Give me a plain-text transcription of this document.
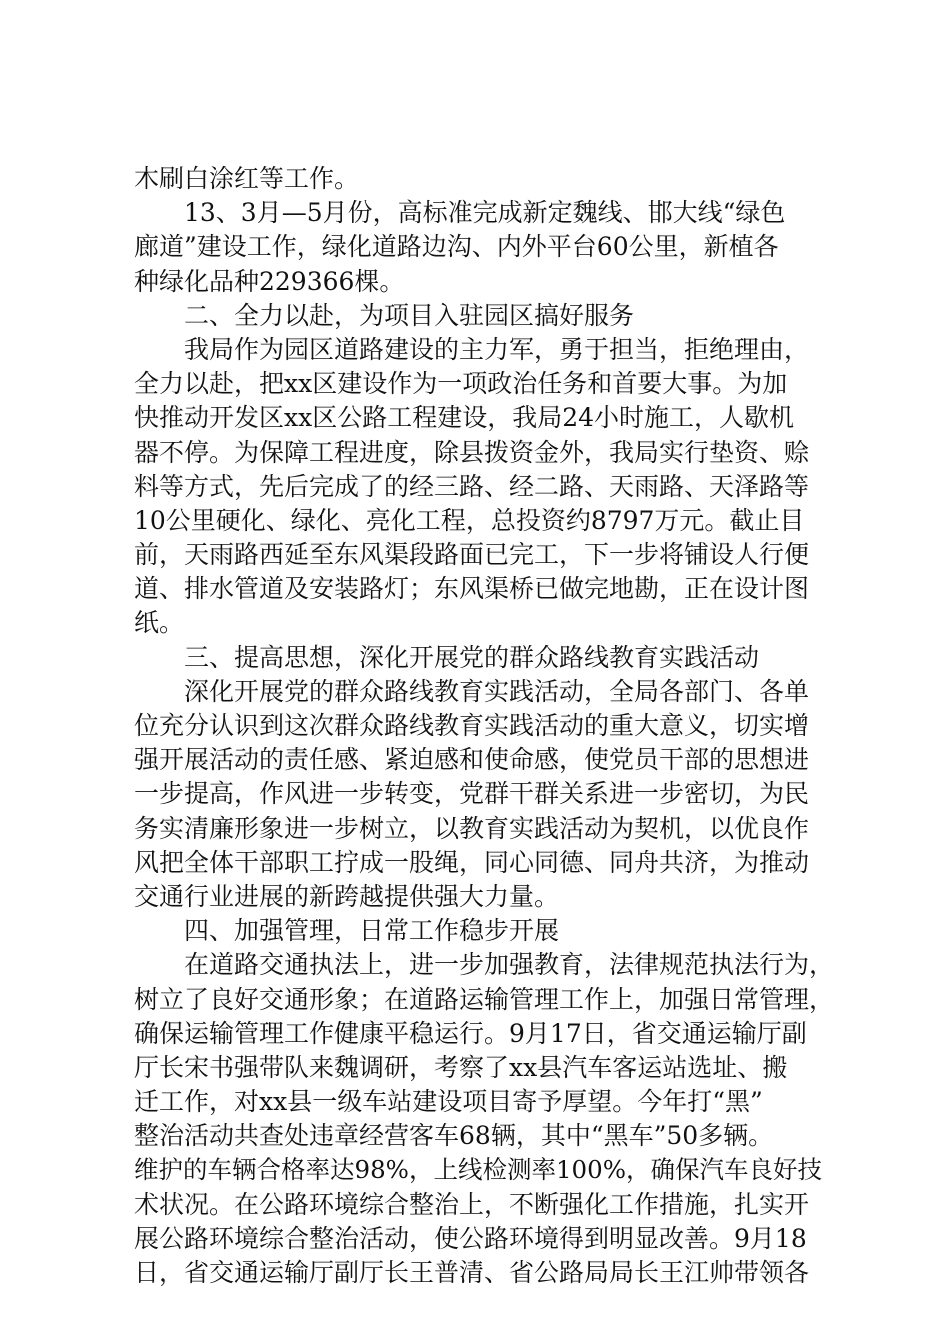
木刷白涂红等工作。
13、3月—5月份，高标准完成新定魏线、邯大线“绿色
廊道”建设工作，绿化道路边沟、内外平台60公里，新植各
种绿化品种229366棵。
二、全力以赴，为项目入驻园区搞好服务
我局作为园区道路建设的主力军，勇于担当，拒绝理由，
全力以赴，把xx区建设作为一项政治任务和首要大事。为加
快推动开发区xx区公路工程建设，我局24小时施工，人歇机
器不停。为保障工程进度，除县拨资金外，我局实行垫资、赊
料等方式，先后完成了的经三路、经二路、天雨路、天泽路等
10公里硬化、绿化、亮化工程，总投资约8797万元。截止目
前，天雨路西延至东风渠段路面已完工，下一步将铺设人行便
道、排水管道及安装路灯；东风渠桥已做完地勘，正在设计图
纸。
三、提高思想，深化开展党的群众路线教育实践活动
深化开展党的群众路线教育实践活动，全局各部门、各单
位充分认识到这次群众路线教育实践活动的重大意义，切实增
强开展活动的责任感、紧迫感和使命感，使党员干部的思想进
一步提高，作风进一步转变，党群干群关系进一步密切，为民
务实清廉形象进一步树立，以教育实践活动为契机，以优良作
风把全体干部职工拧成一股绳，同心同德、同舟共济，为推动
交通行业进展的新跨越提供强大力量。
四、加强管理，日常工作稳步开展
在道路交通执法上，进一步加强教育，法律规范执法行为，
树立了良好交通形象；在道路运输管理工作上，加强日常管理，
确保运输管理工作健康平稳运行。9月17日，省交通运输厅副
厅长宋书强带队来魏调研，考察了xx县汽车客运站选址、搬
迁工作，对xx县一级车站建设项目寄予厚望。今年打“黑”
整治活动共查处违章经营客车68辆，其中“黑车”50多辆。
维护的车辆合格率达98%，上线检测率100%，确保汽车良好技
术状况。在公路环境综合整治上，不断强化工作措施，扎实开
展公路环境综合整治活动，使公路环境得到明显改善。9月18
日，省交通运输厅副厅长王普清、省公路局局长王江帅带领各
